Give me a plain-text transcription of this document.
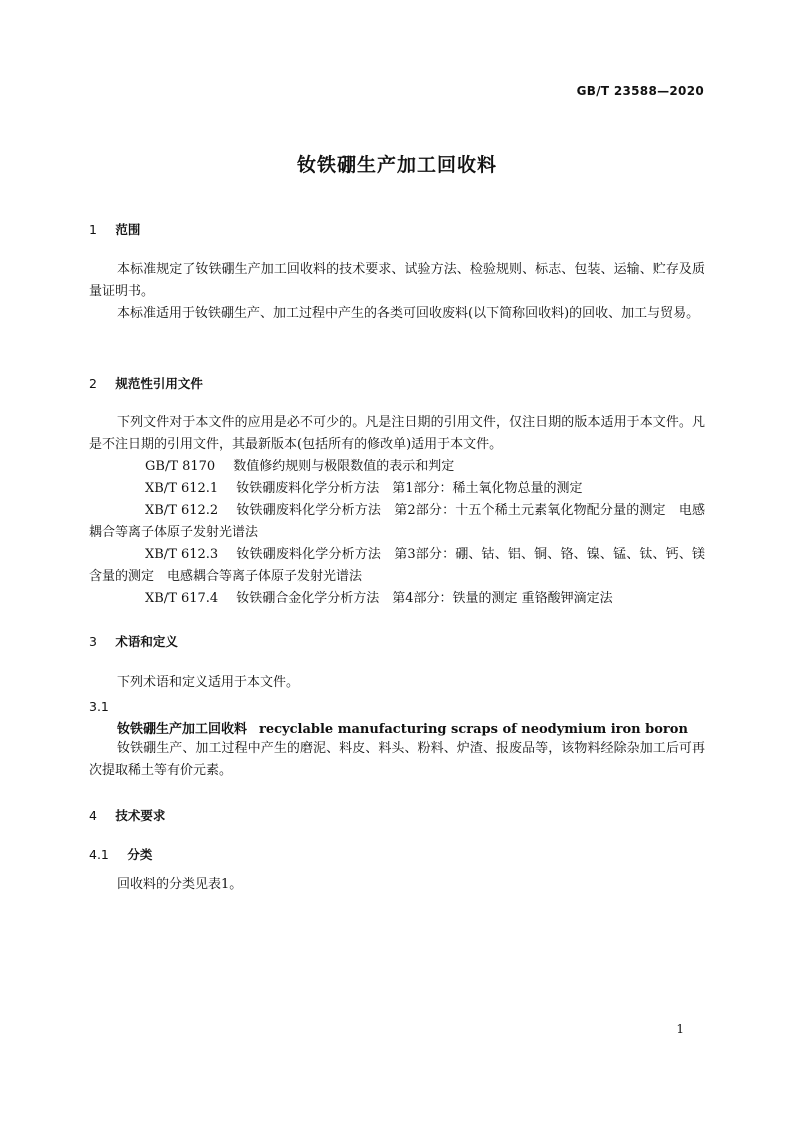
GB/T 23588—2020
钕铁硼生产加工回收料
1 范围

本标准规定了钕铁硼生产加工回收料的技术要求、试验方法、检验规则、标志、包装、运输、贮存及质量证明书。

本标准适用于钕铁硼生产、加工过程中产生的各类可回收废料(以下简称回收料)的回收、加工与贸易。

2 规范性引用文件

下列文件对于本文件的应用是必不可少的。凡是注日期的引用文件，仅注日期的版本适用于本文件。凡是不注日期的引用文件，其最新版本(包括所有的修改单)适用于本文件。

GB/T 8170 数值修约规则与极限数值的表示和判定

XB/T 612.1 钕铁硼废料化学分析方法　第1部分：稀土氧化物总量的测定

XB/T 612.2 钕铁硼废料化学分析方法　第2部分：十五个稀土元素氧化物配分量的测定　电感耦合等离子体原子发射光谱法

XB/T 612.3 钕铁硼废料化学分析方法　第3部分：硼、钴、铝、铜、铬、镍、锰、钛、钙、镁含量的测定　电感耦合等离子体原子发射光谱法

XB/T 617.4 钕铁硼合金化学分析方法　第4部分：铁量的测定 重铬酸钾滴定法

3 术语和定义

下列术语和定义适用于本文件。

3.1
钕铁硼生产加工回收料 recyclable manufacturing scraps of neodymium iron boron

钕铁硼生产、加工过程中产生的磨泥、料皮、料头、粉料、炉渣、报废品等，该物料经除杂加工后可再次提取稀土等有价元素。

4 技术要求
4.1 分类

回收料的分类见表1。

1
